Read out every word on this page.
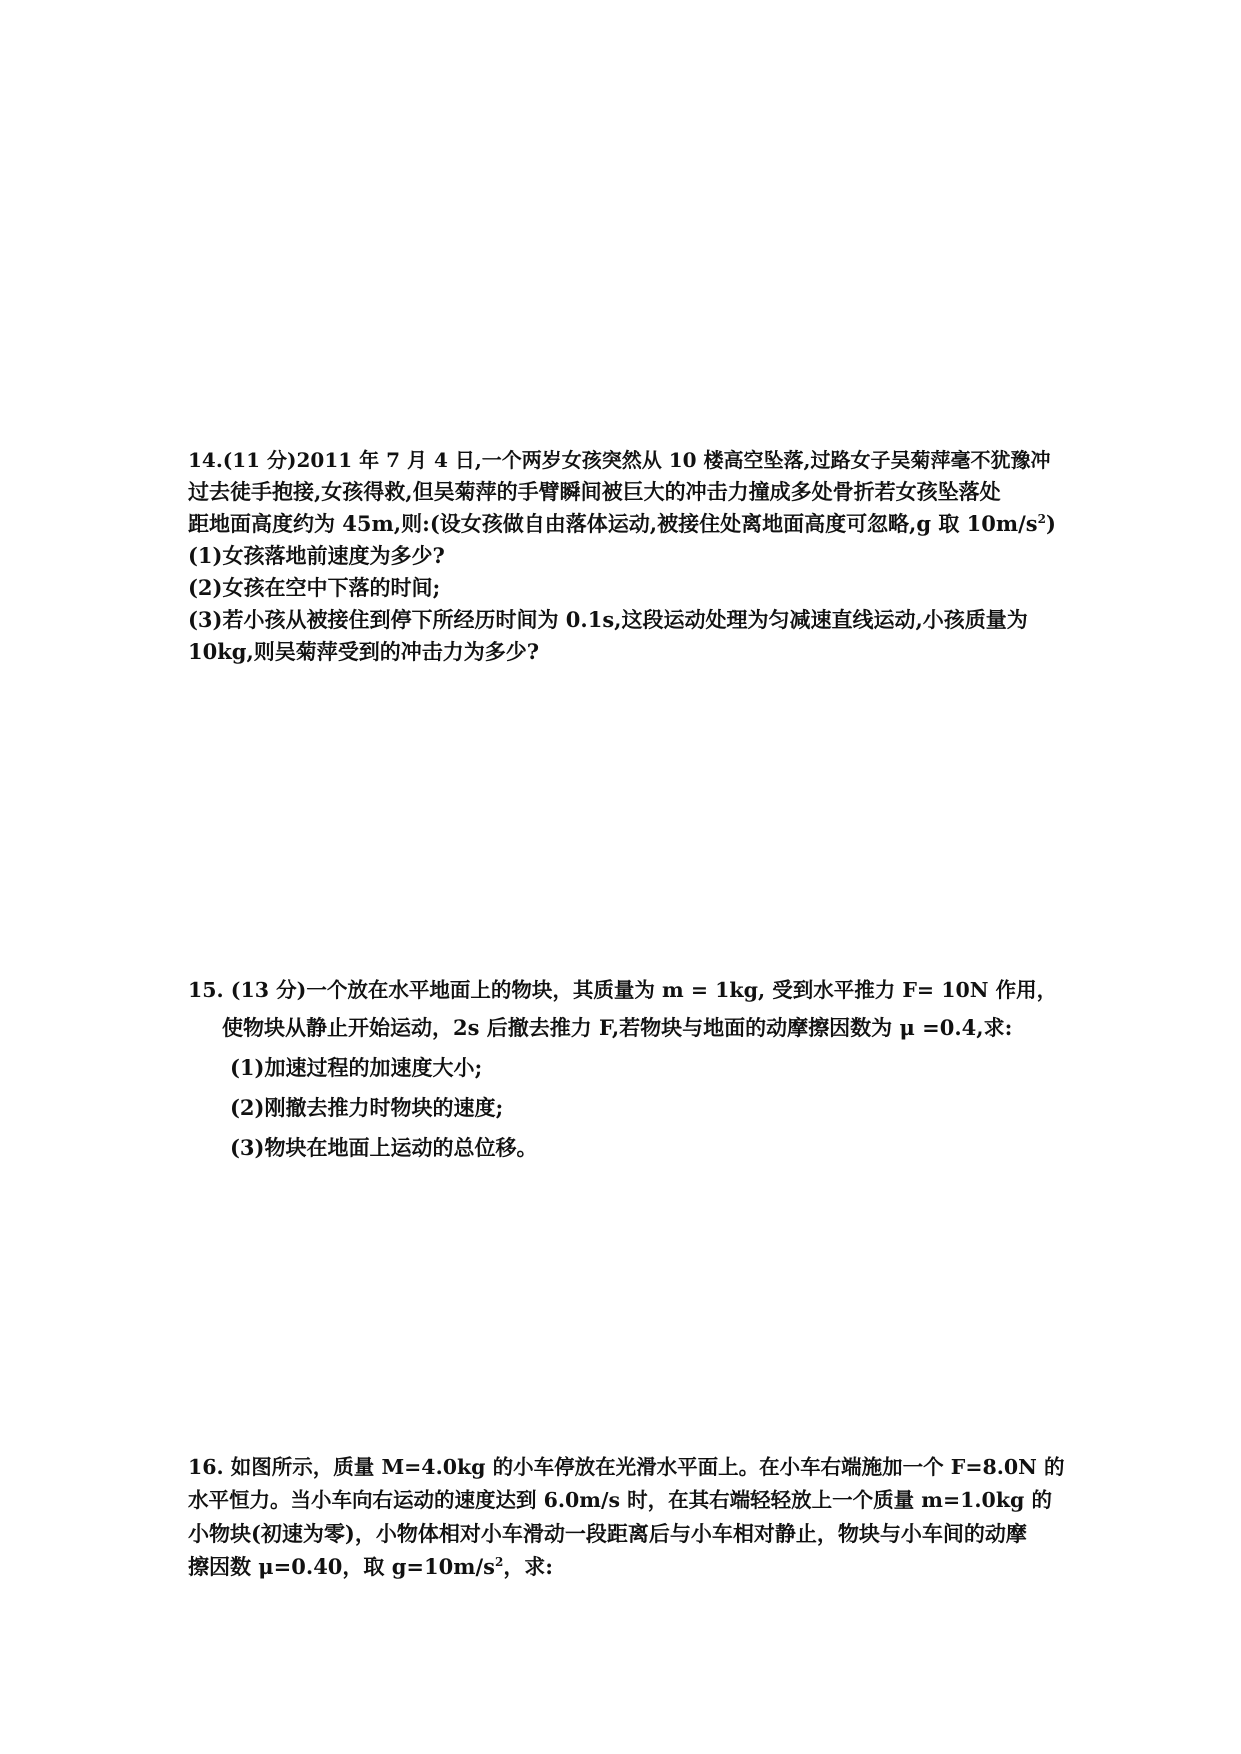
14.(11 分)2011 年 7 月 4 日,一个两岁女孩突然从 10 楼高空坠落,过路女子吴菊萍毫不犹豫冲

过去徒手抱接,女孩得救,但吴菊萍的手臂瞬间被巨大的冲击力撞成多处骨折若女孩坠落处

距地面高度约为 45m,则:(设女孩做自由落体运动,被接住处离地面高度可忽略,g 取 $10m/s^2$)

(1)女孩落地前速度为多少?

(2)女孩在空中下落的时间;

(3)若小孩从被接住到停下所经历时间为 0.1s,这段运动处理为匀减速直线运动,小孩质量为

10kg,则吴菊萍受到的冲击力为多少?

15. (13 分)一个放在水平地面上的物块，其质量为 m = 1kg, 受到水平推力 F= 10N 作用，

使物块从静止开始运动，2s 后撤去推力 F,若物块与地面的动摩擦因数为 μ =0.4,求:

(1)加速过程的加速度大小;

(2)刚撤去推力时物块的速度;

(3)物块在地面上运动的总位移。

16. 如图所示，质量 M=4.0kg 的小车停放在光滑水平面上。在小车右端施加一个 F=8.0N 的

水平恒力。当小车向右运动的速度达到 6.0m/s 时，在其右端轻轻放上一个质量 m=1.0kg 的

小物块(初速为零)，小物体相对小车滑动一段距离后与小车相对静止，物块与小车间的动摩

擦因数 μ=0.40，取 $g=10m/s^2$，求:
